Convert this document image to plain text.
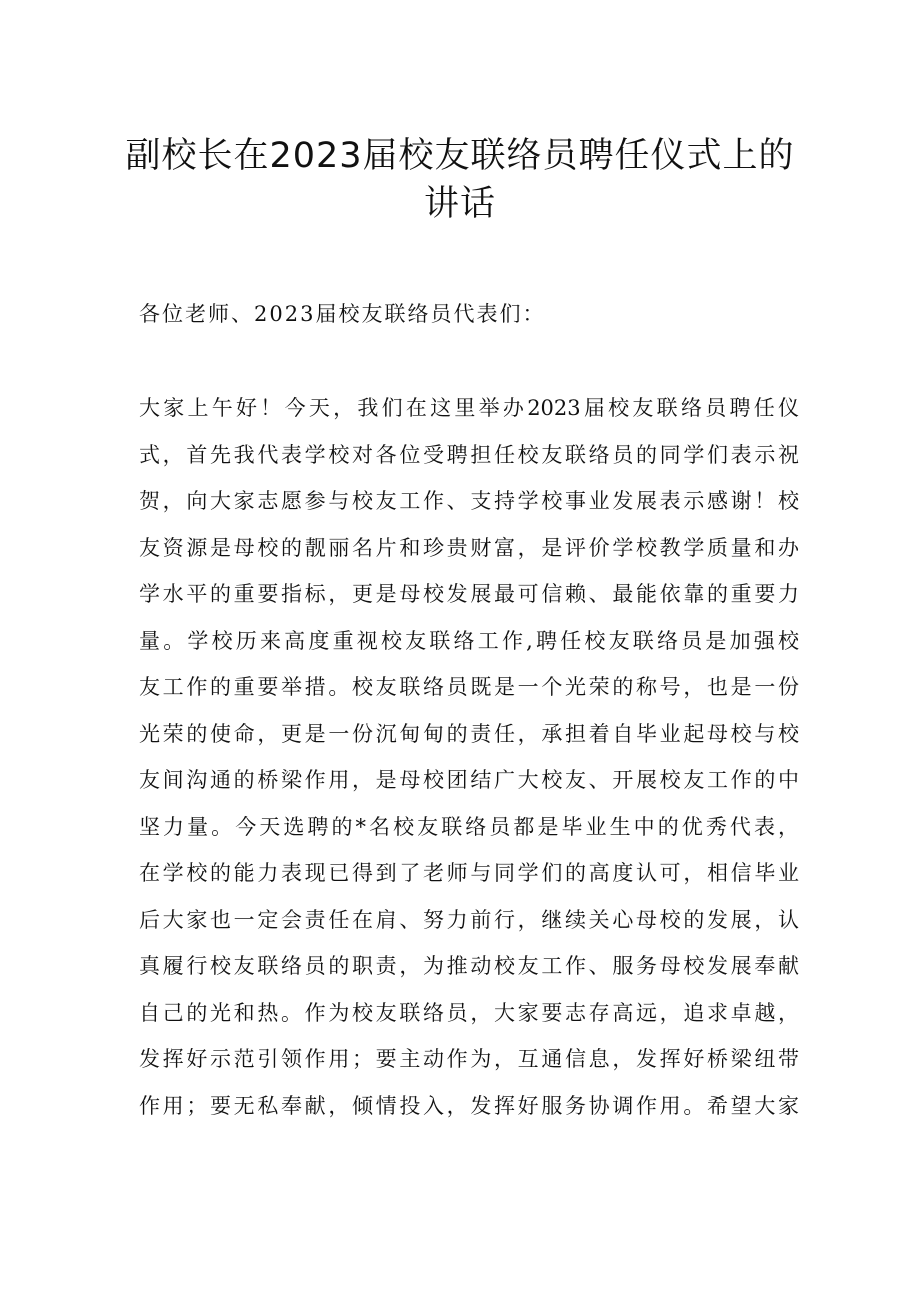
副校长在2023届校友联络员聘任仪式上的
讲话

各位老师、2023届校友联络员代表们：

大家上午好！今天，我们在这里举办2023届校友联络员聘任仪
式，首先我代表学校对各位受聘担任校友联络员的同学们表示祝
贺，向大家志愿参与校友工作、支持学校事业发展表示感谢！校
友资源是母校的靓丽名片和珍贵财富，是评价学校教学质量和办
学水平的重要指标，更是母校发展最可信赖、最能依靠的重要力
量。学校历来高度重视校友联络工作,聘任校友联络员是加强校
友工作的重要举措。校友联络员既是一个光荣的称号，也是一份
光荣的使命，更是一份沉甸甸的责任，承担着自毕业起母校与校
友间沟通的桥梁作用，是母校团结广大校友、开展校友工作的中
坚力量。今天选聘的*名校友联络员都是毕业生中的优秀代表，
在学校的能力表现已得到了老师与同学们的高度认可，相信毕业
后大家也一定会责任在肩、努力前行，继续关心母校的发展，认
真履行校友联络员的职责，为推动校友工作、服务母校发展奉献
自己的光和热。作为校友联络员，大家要志存高远，追求卓越，
发挥好示范引领作用；要主动作为，互通信息，发挥好桥梁纽带
作用；要无私奉献，倾情投入，发挥好服务协调作用。希望大家
